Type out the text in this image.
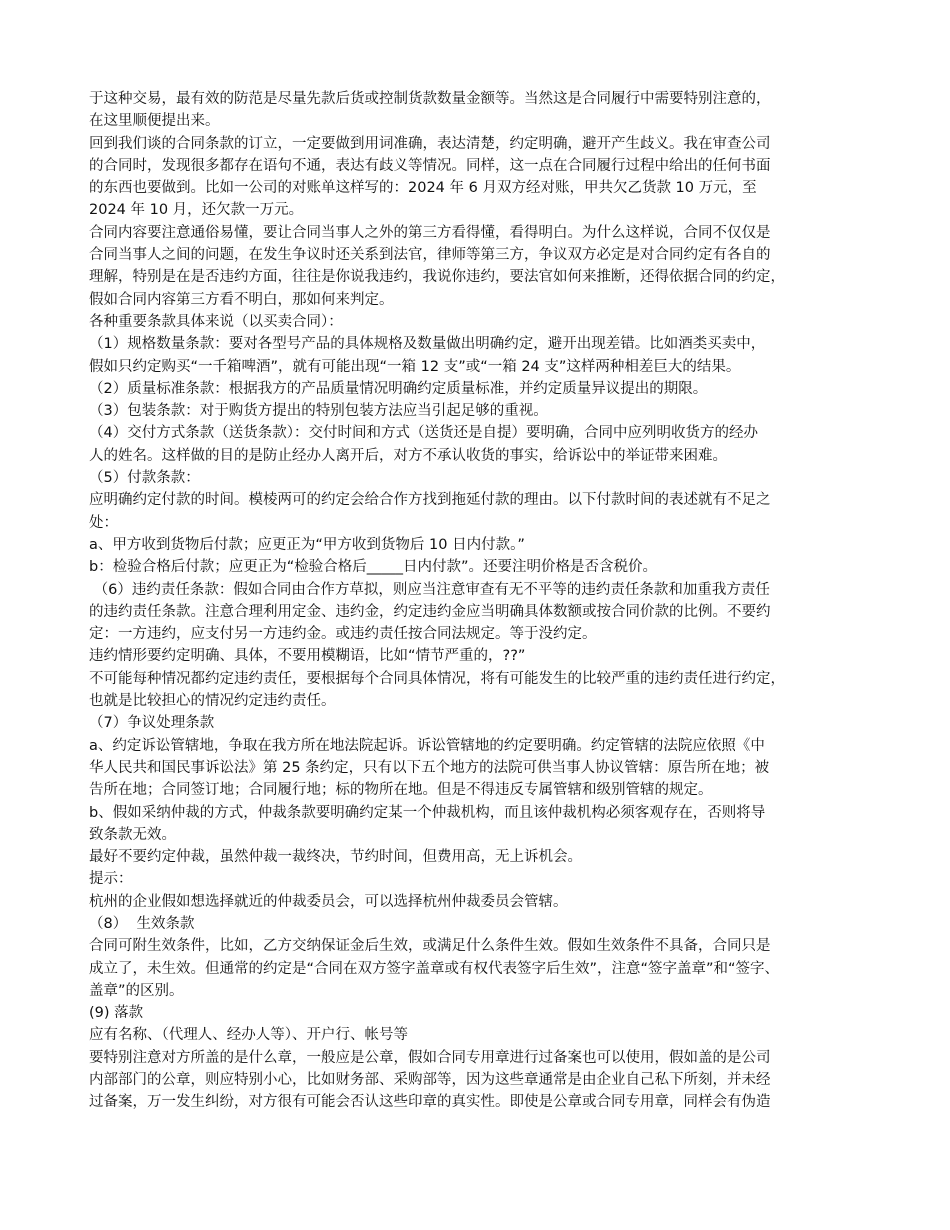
于这种交易，最有效的防范是尽量先款后货或控制货款数量金额等。当然这是合同履行中需要特别注意的，
在这里顺便提出来。
回到我们谈的合同条款的订立，一定要做到用词准确，表达清楚，约定明确，避开产生歧义。我在审查公司
的合同时，发现很多都存在语句不通，表达有歧义等情况。同样，这一点在合同履行过程中给出的任何书面
的东西也要做到。比如一公司的对账单这样写的：2024 年 6 月双方经对账，甲共欠乙货款 10 万元，至
2024 年 10 月，还欠款一万元。
合同内容要注意通俗易懂，要让合同当事人之外的第三方看得懂，看得明白。为什么这样说，合同不仅仅是
合同当事人之间的问题，在发生争议时还关系到法官，律师等第三方，争议双方必定是对合同约定有各自的
理解，特别是在是否违约方面，往往是你说我违约，我说你违约，要法官如何来推断，还得依据合同的约定，
假如合同内容第三方看不明白，那如何来判定。
各种重要条款具体来说（以买卖合同）：
（1）规格数量条款：要对各型号产品的具体规格及数量做出明确约定，避开出现差错。比如酒类买卖中，
假如只约定购买“一千箱啤酒”，就有可能出现“一箱 12 支”或“一箱 24 支”这样两种相差巨大的结果。
（2）质量标准条款：根据我方的产品质量情况明确约定质量标准，并约定质量异议提出的期限。
（3）包装条款：对于购货方提出的特别包装方法应当引起足够的重视。
（4）交付方式条款（送货条款）：交付时间和方式（送货还是自提）要明确，合同中应列明收货方的经办
人的姓名。这样做的目的是防止经办人离开后，对方不承认收货的事实，给诉讼中的举证带来困难。
（5）付款条款：
应明确约定付款的时间。模棱两可的约定会给合作方找到拖延付款的理由。以下付款时间的表述就有不足之
处：
a、甲方收到货物后付款；应更正为“甲方收到货物后 10 日内付款。”
b：检验合格后付款；应更正为“检验合格后_____日内付款”。还要注明价格是否含税价。
（6）违约责任条款：假如合同由合作方草拟，则应当注意审查有无不平等的违约责任条款和加重我方责任
的违约责任条款。注意合理利用定金、违约金，约定违约金应当明确具体数额或按合同价款的比例。不要约
定：一方违约，应支付另一方违约金。或违约责任按合同法规定。等于没约定。
违约情形要约定明确、具体，不要用模糊语，比如“情节严重的，??”
不可能每种情况都约定违约责任，要根据每个合同具体情况，将有可能发生的比较严重的违约责任进行约定，
也就是比较担心的情况约定违约责任。
（7）争议处理条款
a、约定诉讼管辖地，争取在我方所在地法院起诉。诉讼管辖地的约定要明确。约定管辖的法院应依照《中
华人民共和国民事诉讼法》第 25 条约定，只有以下五个地方的法院可供当事人协议管辖：原告所在地；被
告所在地；合同签订地；合同履行地；标的物所在地。但是不得违反专属管辖和级别管辖的规定。
b、假如采纳仲裁的方式，仲裁条款要明确约定某一个仲裁机构，而且该仲裁机构必须客观存在，否则将导
致条款无效。
最好不要约定仲裁，虽然仲裁一裁终决，节约时间，但费用高，无上诉机会。
提示：
杭州的企业假如想选择就近的仲裁委员会，可以选择杭州仲裁委员会管辖。
（8）  生效条款
合同可附生效条件，比如，乙方交纳保证金后生效，或满足什么条件生效。假如生效条件不具备，合同只是
成立了，未生效。但通常的约定是“合同在双方签字盖章或有权代表签字后生效”，注意“签字盖章”和“签字、
盖章”的区别。
(9) 落款
应有名称、（代理人、经办人等）、开户行、帐号等
要特别注意对方所盖的是什么章，一般应是公章，假如合同专用章进行过备案也可以使用，假如盖的是公司
内部部门的公章，则应特别小心，比如财务部、采购部等，因为这些章通常是由企业自己私下所刻，并未经
过备案，万一发生纠纷，对方很有可能会否认这些印章的真实性。即使是公章或合同专用章，同样会有伪造
